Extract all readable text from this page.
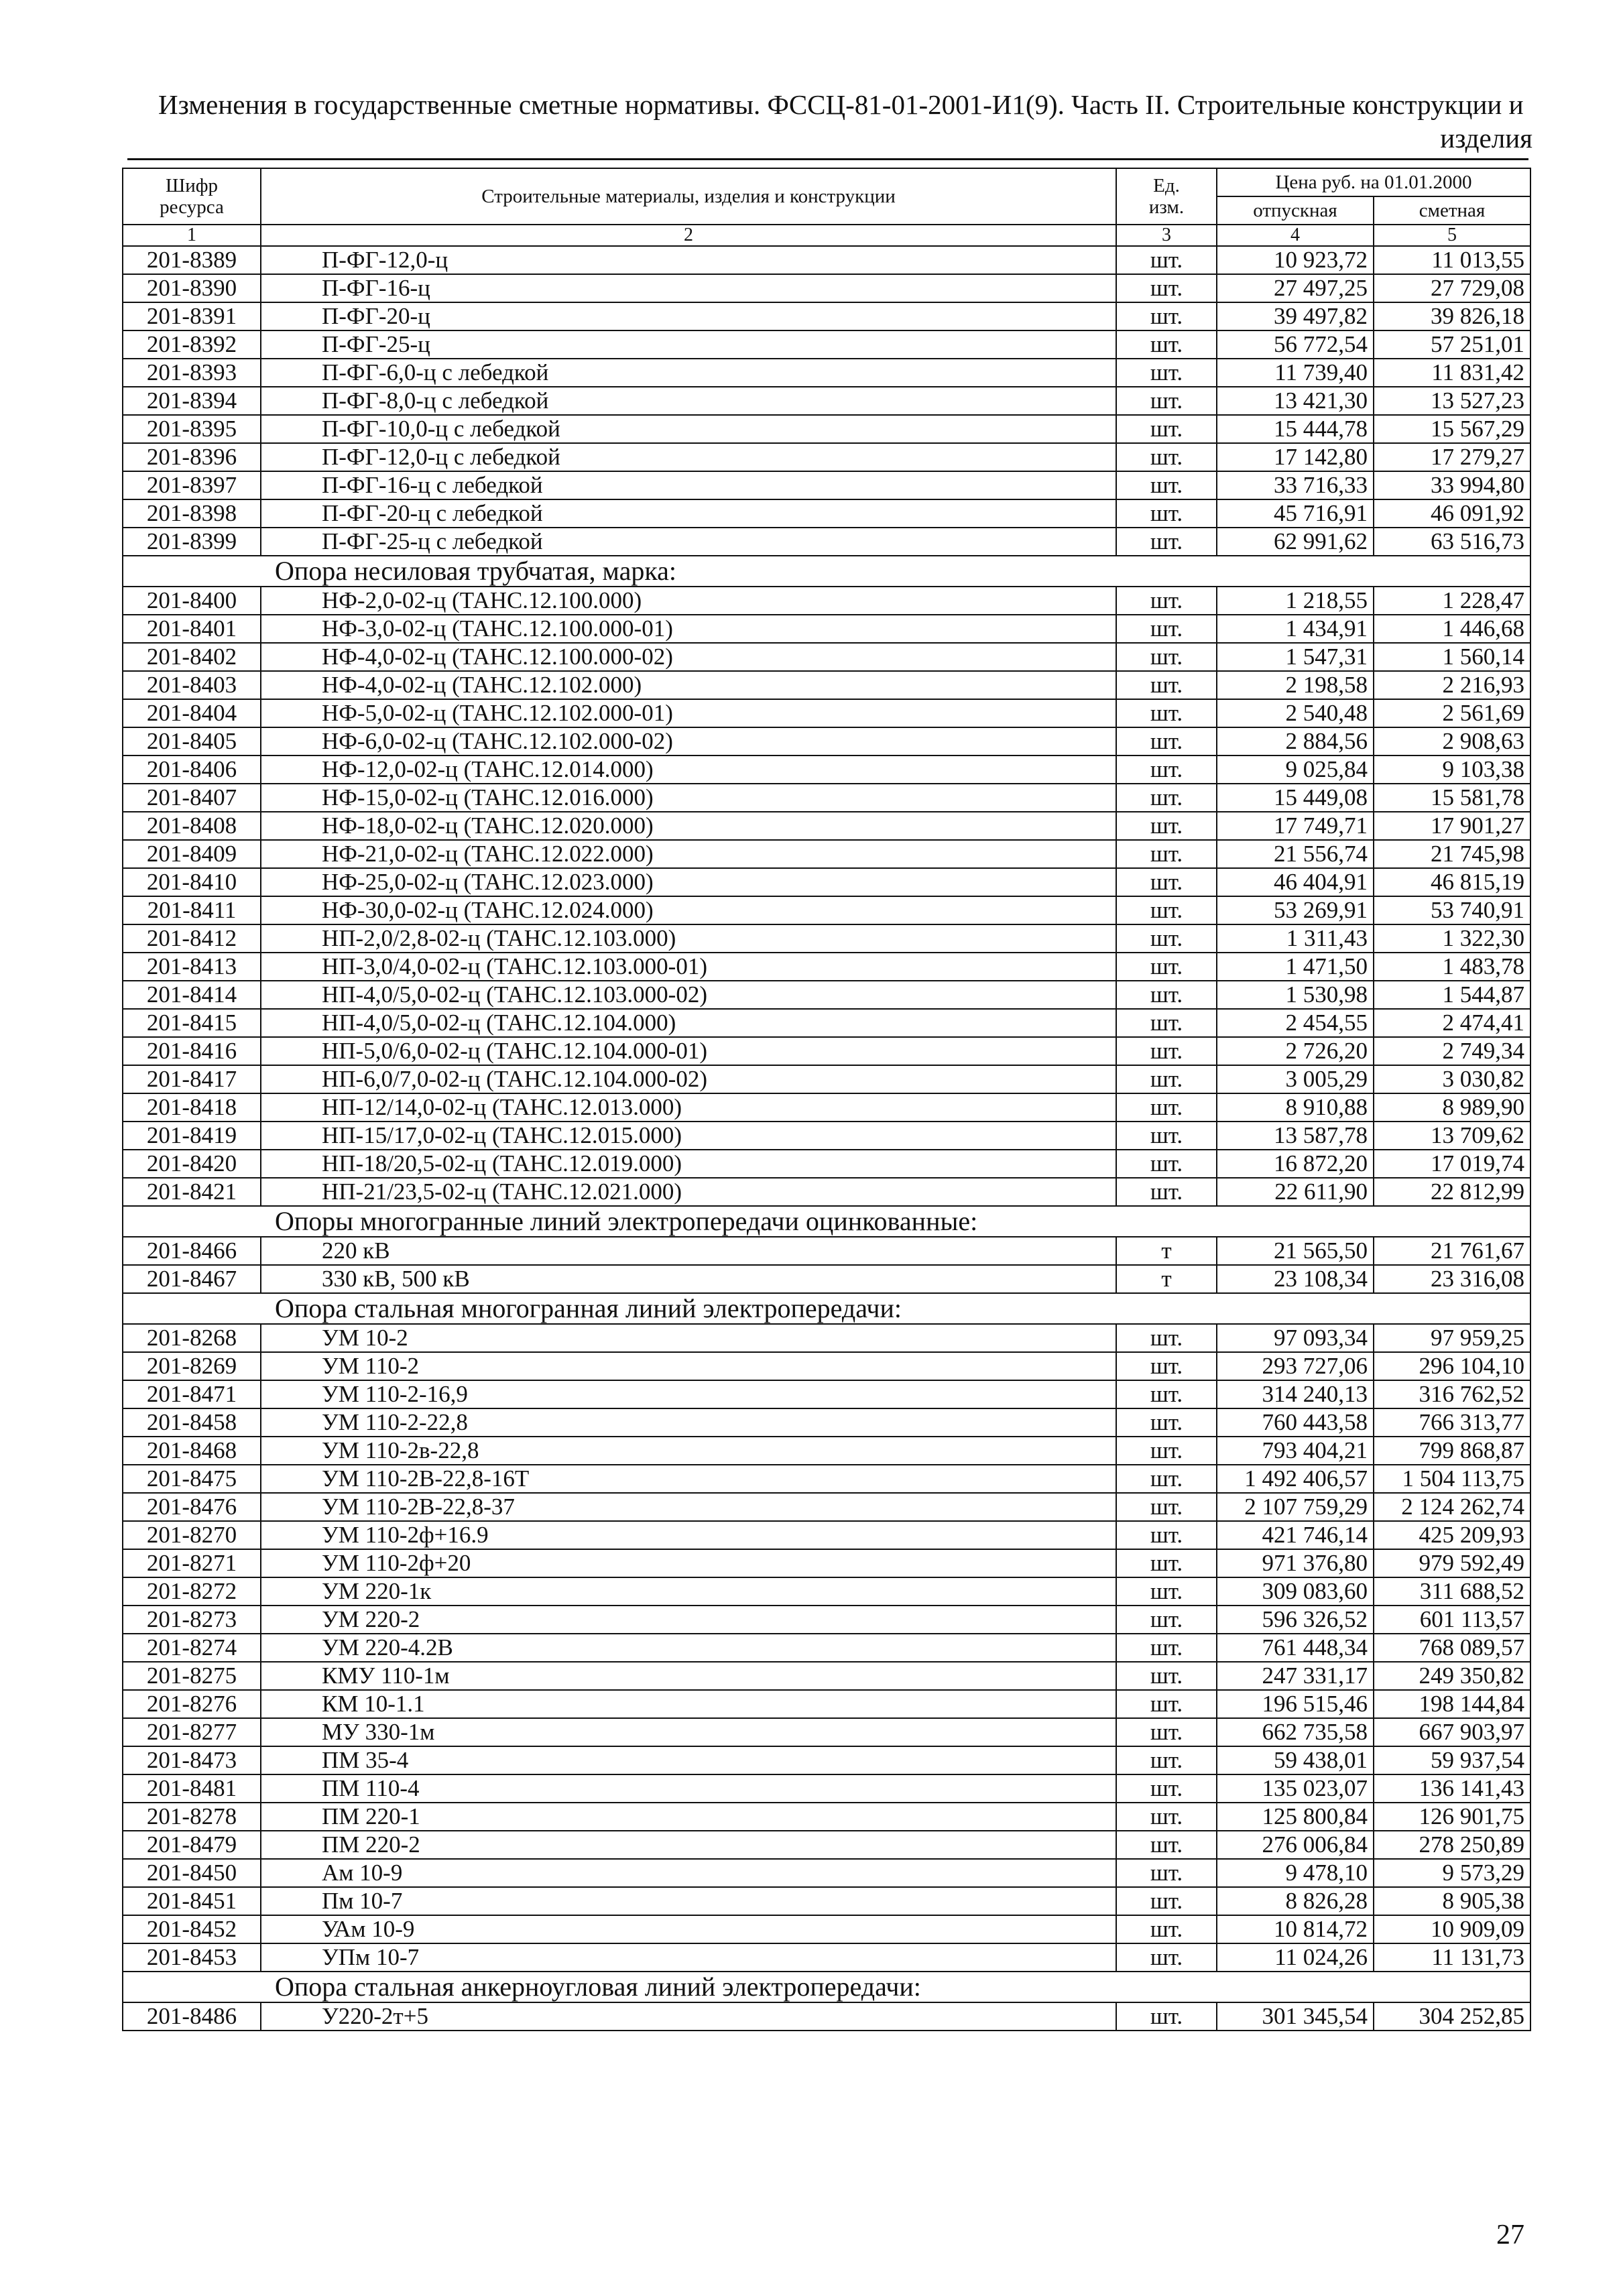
Изменения в государственные сметные нормативы. ФССЦ-81-01-2001-И1(9). Часть II. Строительные конструкции и
изделия
Шифр ресурса	Строительные материалы, изделия и конструкции	Ед. изм.	Цена руб. на 01.01.2000	
			отпускная	сметная
1	2	3	4	5
201-8389	П-ФГ-12,0-ц	шт.	10 923,72	11 013,55
201-8390	П-ФГ-16-ц	шт.	27 497,25	27 729,08
201-8391	П-ФГ-20-ц	шт.	39 497,82	39 826,18
201-8392	П-ФГ-25-ц	шт.	56 772,54	57 251,01
201-8393	П-ФГ-6,0-ц с лебедкой	шт.	11 739,40	11 831,42
201-8394	П-ФГ-8,0-ц с лебедкой	шт.	13 421,30	13 527,23
201-8395	П-ФГ-10,0-ц с лебедкой	шт.	15 444,78	15 567,29
201-8396	П-ФГ-12,0-ц с лебедкой	шт.	17 142,80	17 279,27
201-8397	П-ФГ-16-ц с лебедкой	шт.	33 716,33	33 994,80
201-8398	П-ФГ-20-ц с лебедкой	шт.	45 716,91	46 091,92
201-8399	П-ФГ-25-ц с лебедкой	шт.	62 991,62	63 516,73
Опора несиловая трубчатая, марка:				
201-8400	НФ-2,0-02-ц (ТАНС.12.100.000)	шт.	1 218,55	1 228,47
201-8401	НФ-3,0-02-ц (ТАНС.12.100.000-01)	шт.	1 434,91	1 446,68
201-8402	НФ-4,0-02-ц (ТАНС.12.100.000-02)	шт.	1 547,31	1 560,14
201-8403	НФ-4,0-02-ц (ТАНС.12.102.000)	шт.	2 198,58	2 216,93
201-8404	НФ-5,0-02-ц (ТАНС.12.102.000-01)	шт.	2 540,48	2 561,69
201-8405	НФ-6,0-02-ц (ТАНС.12.102.000-02)	шт.	2 884,56	2 908,63
201-8406	НФ-12,0-02-ц (ТАНС.12.014.000)	шт.	9 025,84	9 103,38
201-8407	НФ-15,0-02-ц (ТАНС.12.016.000)	шт.	15 449,08	15 581,78
201-8408	НФ-18,0-02-ц (ТАНС.12.020.000)	шт.	17 749,71	17 901,27
201-8409	НФ-21,0-02-ц (ТАНС.12.022.000)	шт.	21 556,74	21 745,98
201-8410	НФ-25,0-02-ц (ТАНС.12.023.000)	шт.	46 404,91	46 815,19
201-8411	НФ-30,0-02-ц (ТАНС.12.024.000)	шт.	53 269,91	53 740,91
201-8412	НП-2,0/2,8-02-ц (ТАНС.12.103.000)	шт.	1 311,43	1 322,30
201-8413	НП-3,0/4,0-02-ц (ТАНС.12.103.000-01)	шт.	1 471,50	1 483,78
201-8414	НП-4,0/5,0-02-ц (ТАНС.12.103.000-02)	шт.	1 530,98	1 544,87
201-8415	НП-4,0/5,0-02-ц (ТАНС.12.104.000)	шт.	2 454,55	2 474,41
201-8416	НП-5,0/6,0-02-ц (ТАНС.12.104.000-01)	шт.	2 726,20	2 749,34
201-8417	НП-6,0/7,0-02-ц (ТАНС.12.104.000-02)	шт.	3 005,29	3 030,82
201-8418	НП-12/14,0-02-ц (ТАНС.12.013.000)	шт.	8 910,88	8 989,90
201-8419	НП-15/17,0-02-ц (ТАНС.12.015.000)	шт.	13 587,78	13 709,62
201-8420	НП-18/20,5-02-ц (ТАНС.12.019.000)	шт.	16 872,20	17 019,74
201-8421	НП-21/23,5-02-ц (ТАНС.12.021.000)	шт.	22 611,90	22 812,99
Опоры многогранные линий электропередачи оцинкованные:				
201-8466	220 кВ	т	21 565,50	21 761,67
201-8467	330 кВ, 500 кВ	т	23 108,34	23 316,08
Опора стальная многогранная линий электропередачи:				
201-8268	УМ 10-2	шт.	97 093,34	97 959,25
201-8269	УМ 110-2	шт.	293 727,06	296 104,10
201-8471	УМ 110-2-16,9	шт.	314 240,13	316 762,52
201-8458	УМ 110-2-22,8	шт.	760 443,58	766 313,77
201-8468	УМ 110-2в-22,8	шт.	793 404,21	799 868,87
201-8475	УМ 110-2В-22,8-16Т	шт.	1 492 406,57	1 504 113,75
201-8476	УМ 110-2В-22,8-37	шт.	2 107 759,29	2 124 262,74
201-8270	УМ 110-2ф+16.9	шт.	421 746,14	425 209,93
201-8271	УМ 110-2ф+20	шт.	971 376,80	979 592,49
201-8272	УМ 220-1к	шт.	309 083,60	311 688,52
201-8273	УМ 220-2	шт.	596 326,52	601 113,57
201-8274	УМ 220-4.2В	шт.	761 448,34	768 089,57
201-8275	КМУ 110-1м	шт.	247 331,17	249 350,82
201-8276	КМ 10-1.1	шт.	196 515,46	198 144,84
201-8277	МУ 330-1м	шт.	662 735,58	667 903,97
201-8473	ПМ 35-4	шт.	59 438,01	59 937,54
201-8481	ПМ 110-4	шт.	135 023,07	136 141,43
201-8278	ПМ 220-1	шт.	125 800,84	126 901,75
201-8479	ПМ 220-2	шт.	276 006,84	278 250,89
201-8450	Ам 10-9	шт.	9 478,10	9 573,29
201-8451	Пм 10-7	шт.	8 826,28	8 905,38
201-8452	УАм 10-9	шт.	10 814,72	10 909,09
201-8453	УПм 10-7	шт.	11 024,26	11 131,73
Опора стальная анкерноугловая линий электропередачи:				
201-8486	У220-2т+5	шт.	301 345,54	304 252,85
27
